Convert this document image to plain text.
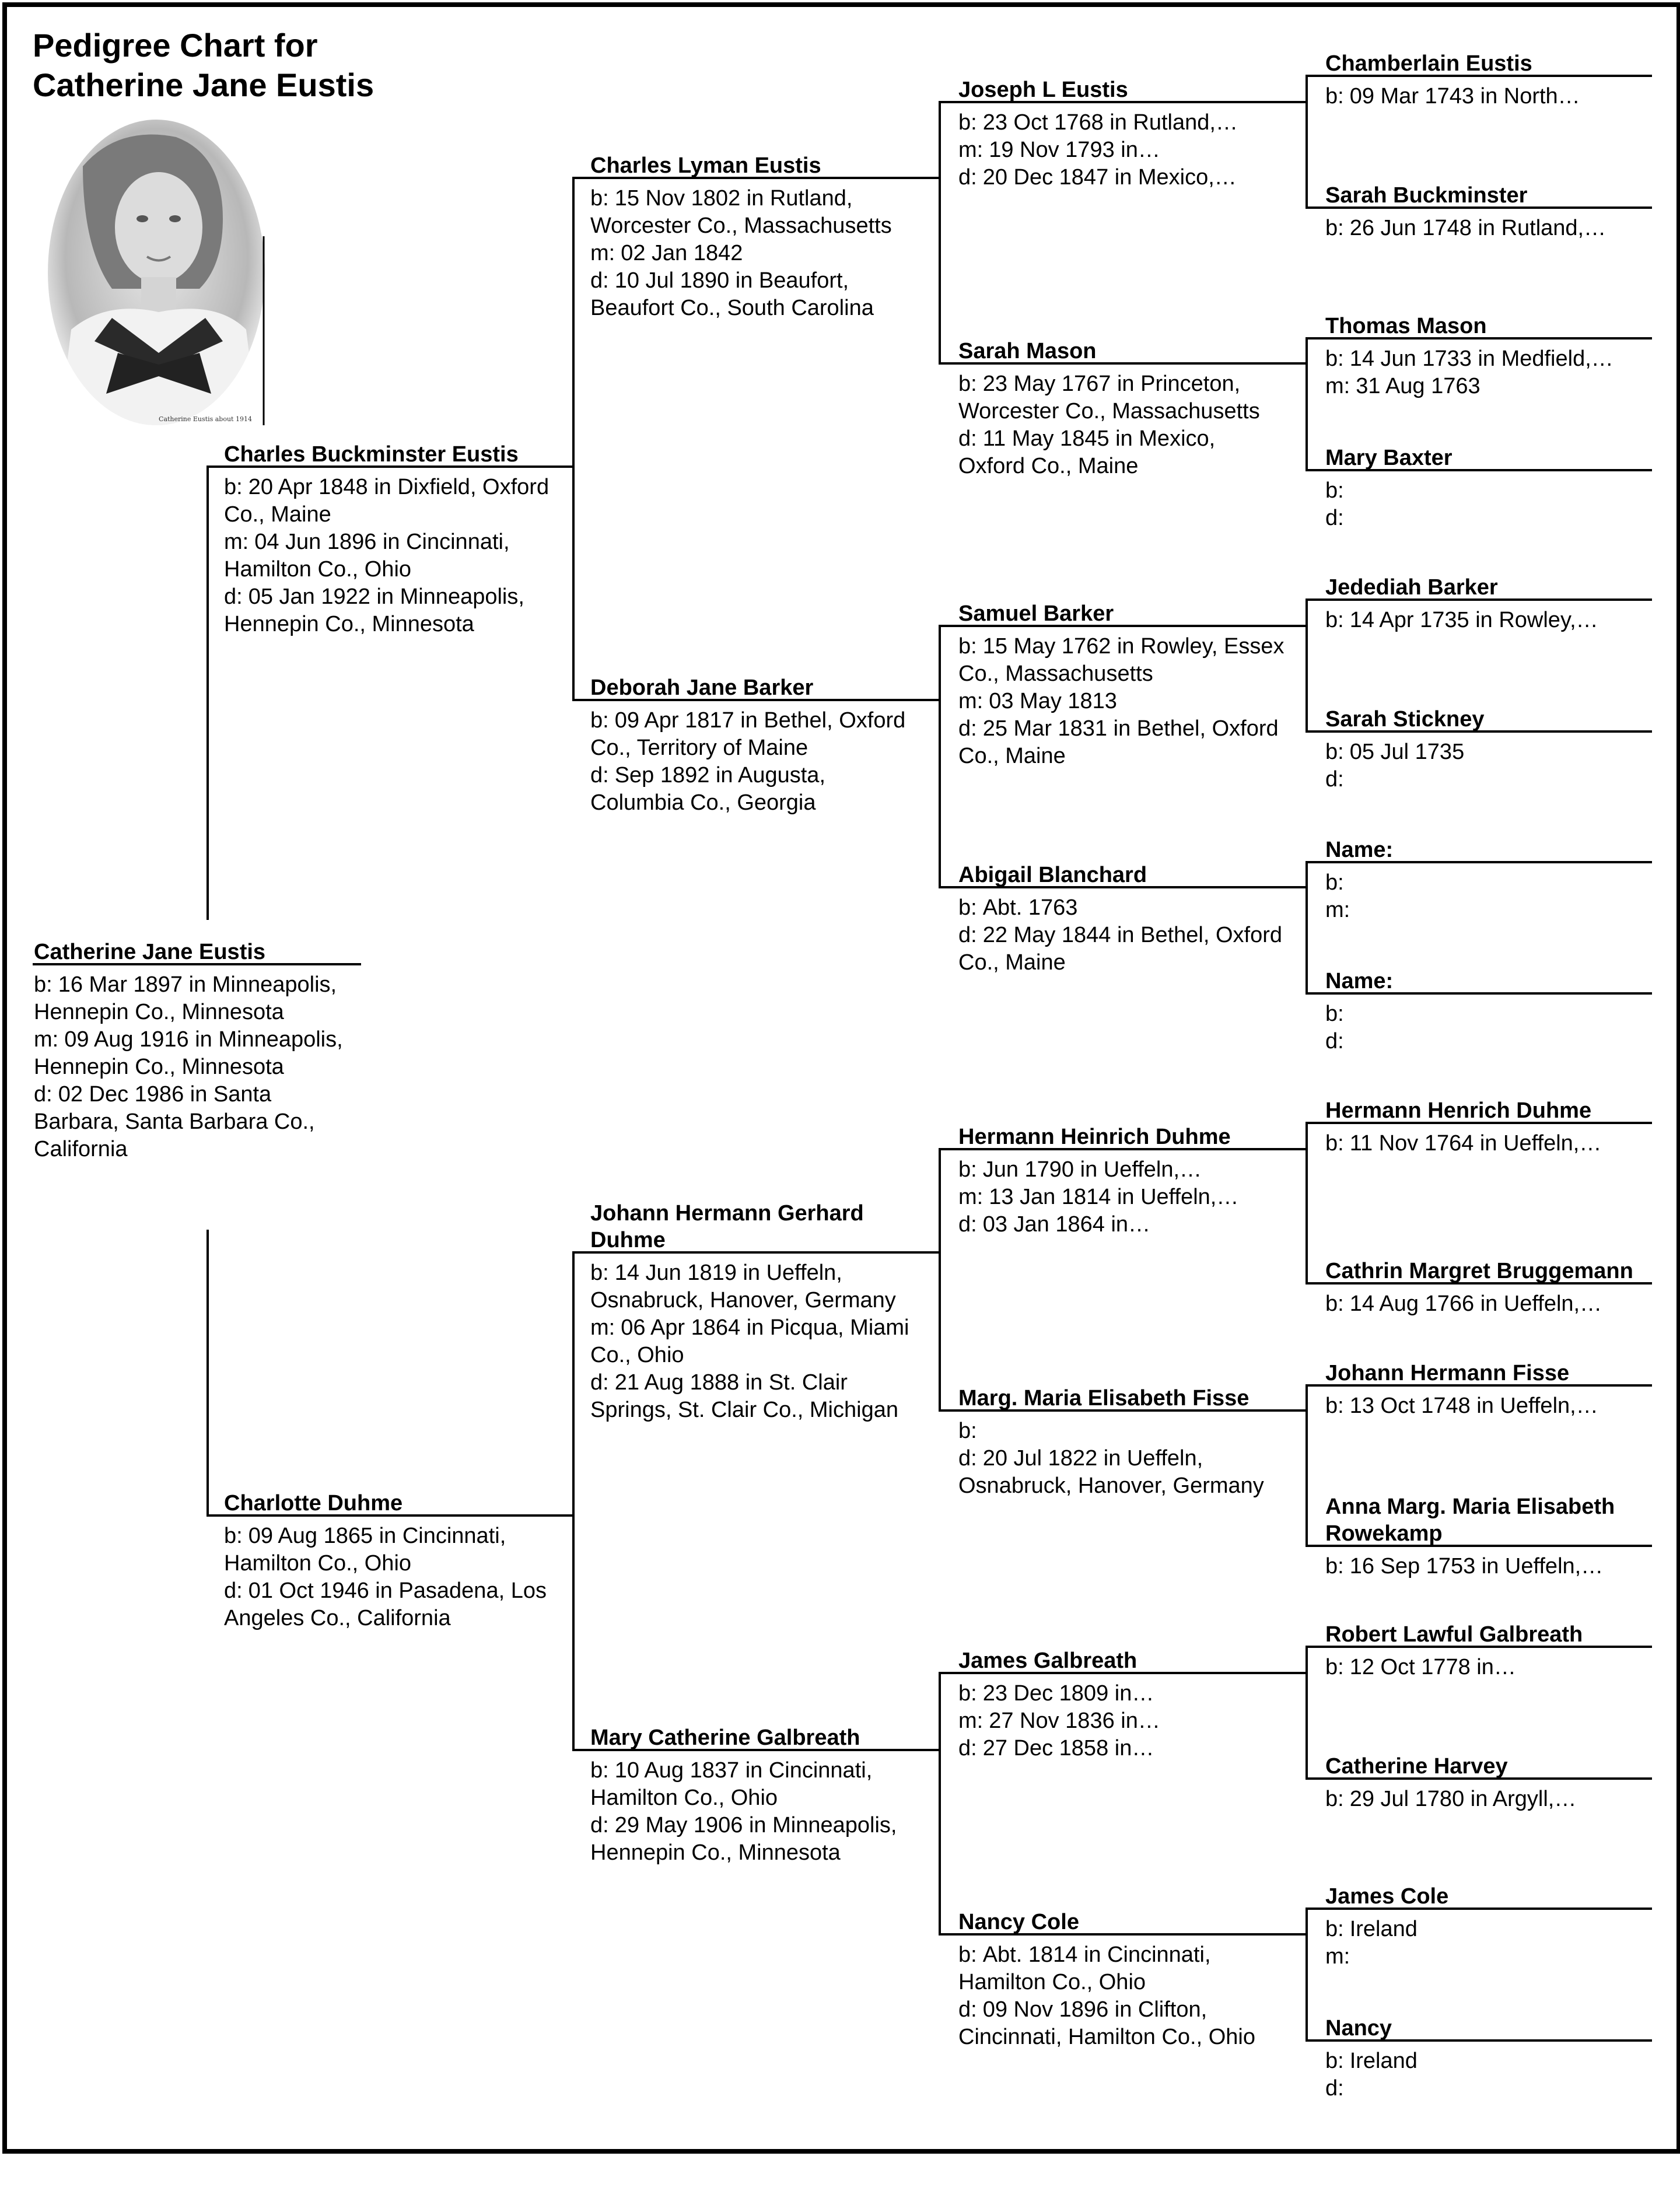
Pedigree Chart for
Catherine Jane Eustis
Catherine Eustis about 1914
Catherine Jane Eustis
b: 16 Mar 1897 in Minneapolis, Hennepin Co., Minnesota
m: 09 Aug 1916 in Minneapolis, Hennepin Co., Minnesota
d: 02 Dec 1986 in Santa Barbara, Santa Barbara Co., California
Charles Buckminster Eustis
b: 20 Apr 1848 in Dixfield, Oxford Co., Maine
m: 04 Jun 1896 in Cincinnati, Hamilton Co., Ohio
d: 05 Jan 1922 in Minneapolis, Hennepin Co., Minnesota
Charlotte Duhme
b: 09 Aug 1865 in Cincinnati, Hamilton Co., Ohio
d: 01 Oct 1946 in Pasadena, Los Angeles Co., California
Charles Lyman Eustis
b: 15 Nov 1802 in Rutland, Worcester Co., Massachusetts
m: 02 Jan 1842
d: 10 Jul 1890 in Beaufort, Beaufort Co., South Carolina
Deborah Jane Barker
b: 09 Apr 1817 in Bethel, Oxford Co., Territory of Maine
d: Sep 1892 in Augusta, Columbia Co., Georgia
Johann Hermann Gerhard Duhme
b: 14 Jun 1819 in Ueffeln, Osnabruck, Hanover, Germany
m: 06 Apr 1864 in Picqua, Miami Co., Ohio
d: 21 Aug 1888 in St. Clair Springs, St. Clair Co., Michigan
Mary Catherine Galbreath
b: 10 Aug 1837 in Cincinnati, Hamilton Co., Ohio
d: 29 May 1906 in Minneapolis, Hennepin Co., Minnesota
Joseph L Eustis
b: 23 Oct 1768 in Rutland,…
m: 19 Nov 1793 in…
d: 20 Dec 1847 in Mexico,…
Sarah Mason
b: 23 May 1767 in Princeton, Worcester Co., Massachusetts
d: 11 May 1845 in Mexico, Oxford Co., Maine
Samuel Barker
b: 15 May 1762 in Rowley, Essex Co., Massachusetts
m: 03 May 1813
d: 25 Mar 1831 in Bethel, Oxford Co., Maine
Abigail Blanchard
b: Abt. 1763
d: 22 May 1844 in Bethel, Oxford Co., Maine
Hermann Heinrich Duhme
b: Jun 1790 in Ueffeln,…
m: 13 Jan 1814 in Ueffeln,…
d: 03 Jan 1864 in…
Marg. Maria Elisabeth Fisse
b:
d: 20 Jul 1822 in Ueffeln, Osnabruck, Hanover, Germany
James Galbreath
b: 23 Dec 1809 in…
m: 27 Nov 1836 in…
d: 27 Dec 1858 in…
Nancy Cole
b: Abt. 1814 in Cincinnati, Hamilton Co., Ohio
d: 09 Nov 1896 in Clifton, Cincinnati, Hamilton Co., Ohio
Chamberlain Eustis
b: 09 Mar 1743 in North…
Sarah Buckminster
b: 26 Jun 1748 in Rutland,…
Thomas Mason
b: 14 Jun 1733 in Medfield,…
m: 31 Aug 1763
Mary Baxter
b:
d:
Jedediah Barker
b: 14 Apr 1735 in Rowley,…
Sarah Stickney
b: 05 Jul 1735
d:
Name:
b:
m:
Name:
b:
d:
Hermann Henrich Duhme
b: 11 Nov 1764 in Ueffeln,…
Cathrin Margret Bruggemann
b: 14 Aug 1766 in Ueffeln,…
Johann Hermann Fisse
b: 13 Oct 1748 in Ueffeln,…
Anna Marg. Maria Elisabeth Rowekamp
b: 16 Sep 1753 in Ueffeln,…
Robert Lawful Galbreath
b: 12 Oct 1778 in…
Catherine Harvey
b: 29 Jul 1780 in Argyll,…
James Cole
b: Ireland
m:
Nancy
b: Ireland
d:
